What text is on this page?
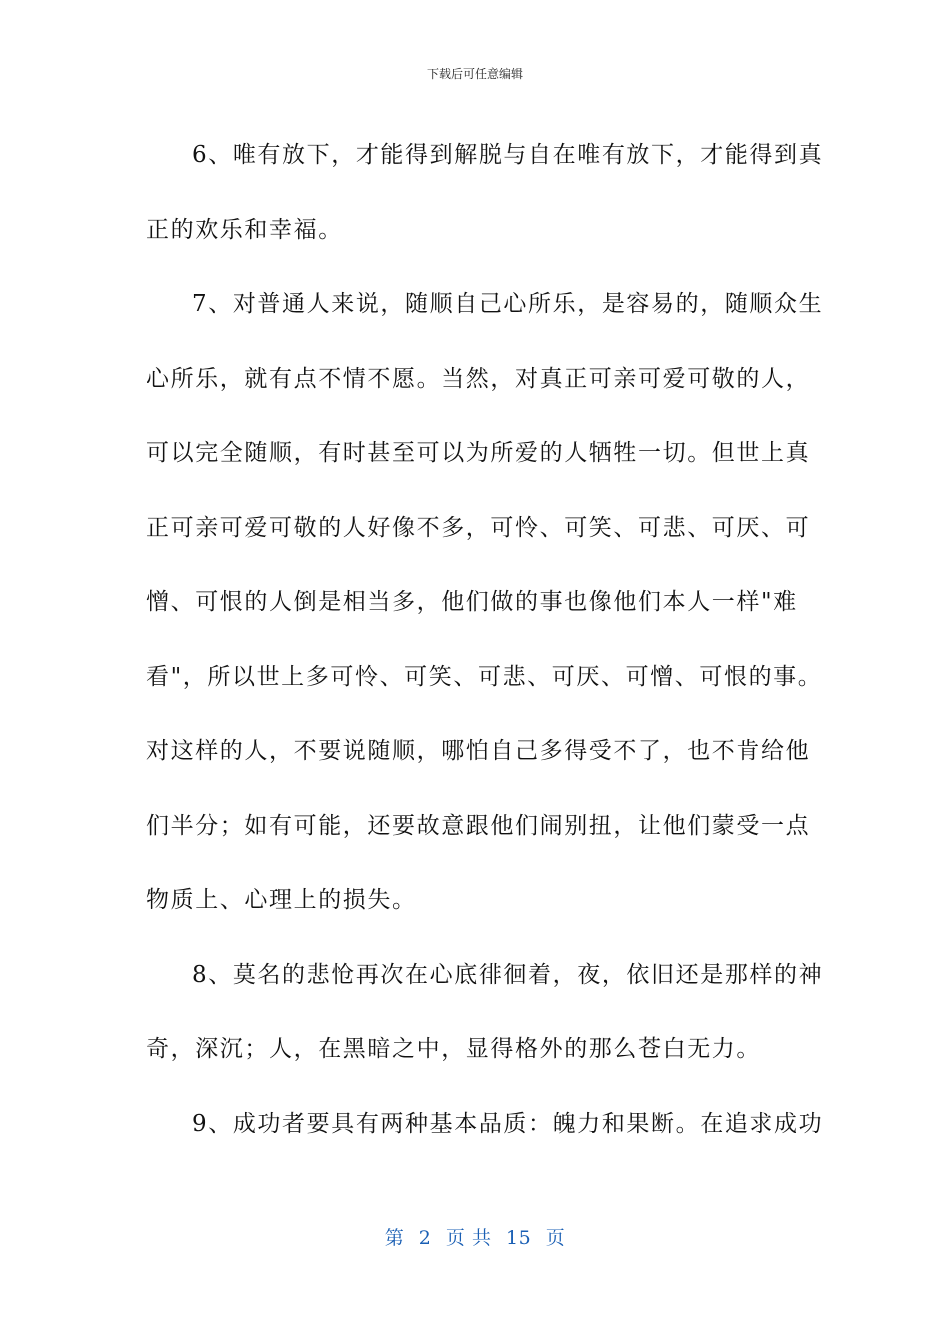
下载后可任意编辑

6、唯有放下，才能得到解脱与自在唯有放下，才能得到真
正的欢乐和幸福。

7、对普通人来说，随顺自己心所乐，是容易的，随顺众生
心所乐，就有点不情不愿。当然，对真正可亲可爱可敬的人，
可以完全随顺，有时甚至可以为所爱的人牺牲一切。但世上真
正可亲可爱可敬的人好像不多，可怜、可笑、可悲、可厌、可
憎、可恨的人倒是相当多，他们做的事也像他们本人一样"难
看"，所以世上多可怜、可笑、可悲、可厌、可憎、可恨的事。
对这样的人，不要说随顺，哪怕自己多得受不了，也不肯给他
们半分；如有可能，还要故意跟他们闹别扭，让他们蒙受一点
物质上、心理上的损失。

8、莫名的悲怆再次在心底徘徊着，夜，依旧还是那样的神
奇，深沉；人，在黑暗之中，显得格外的那么苍白无力。

9、成功者要具有两种基本品质：魄力和果断。在追求成功

第 2 页 共 15 页
